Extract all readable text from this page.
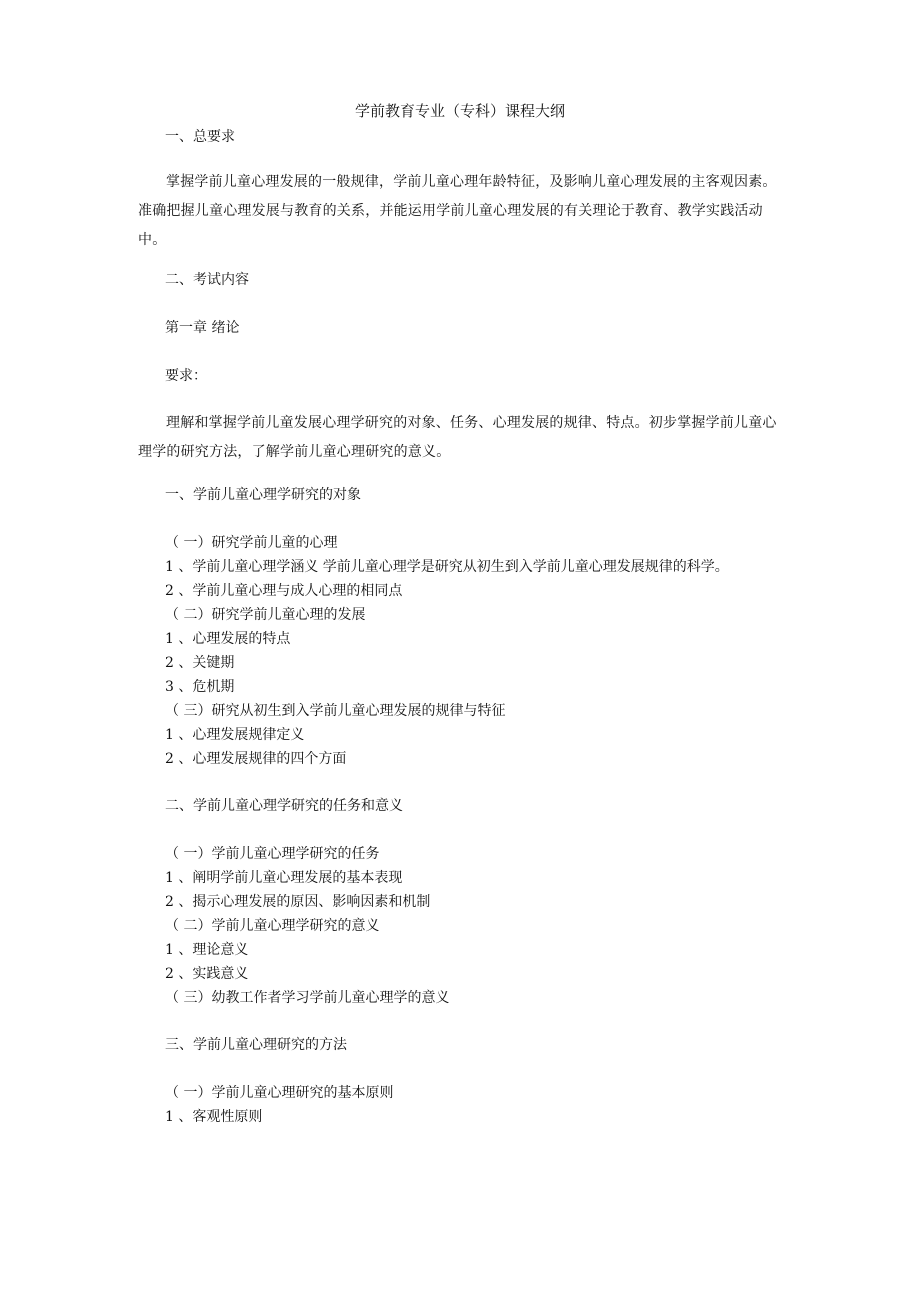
学前教育专业（专科）课程大纲
一、总要求
掌握学前儿童心理发展的一般规律，学前儿童心理年龄特征，及影响儿童心理发展的主客观因素。准确把握儿童心理发展与教育的关系，并能运用学前儿童心理发展的有关理论于教育、教学实践活动中。
二、考试内容
第一章 绪论
要求：
理解和掌握学前儿童发展心理学研究的对象、任务、心理发展的规律、特点。初步掌握学前儿童心理学的研究方法，了解学前儿童心理研究的意义。
一、学前儿童心理学研究的对象
（ 一）研究学前儿童的心理
1 、学前儿童心理学涵义 学前儿童心理学是研究从初生到入学前儿童心理发展规律的科学。
2 、学前儿童心理与成人心理的相同点
（ 二）研究学前儿童心理的发展
1 、心理发展的特点
2 、关键期
3 、危机期
（ 三）研究从初生到入学前儿童心理发展的规律与特征
1 、心理发展规律定义
2 、心理发展规律的四个方面
二、学前儿童心理学研究的任务和意义
（ 一）学前儿童心理学研究的任务
1 、阐明学前儿童心理发展的基本表现
2 、揭示心理发展的原因、影响因素和机制
（ 二）学前儿童心理学研究的意义
1 、理论意义
2 、实践意义
（ 三）幼教工作者学习学前儿童心理学的意义
三、学前儿童心理研究的方法
（ 一）学前儿童心理研究的基本原则
1 、客观性原则
